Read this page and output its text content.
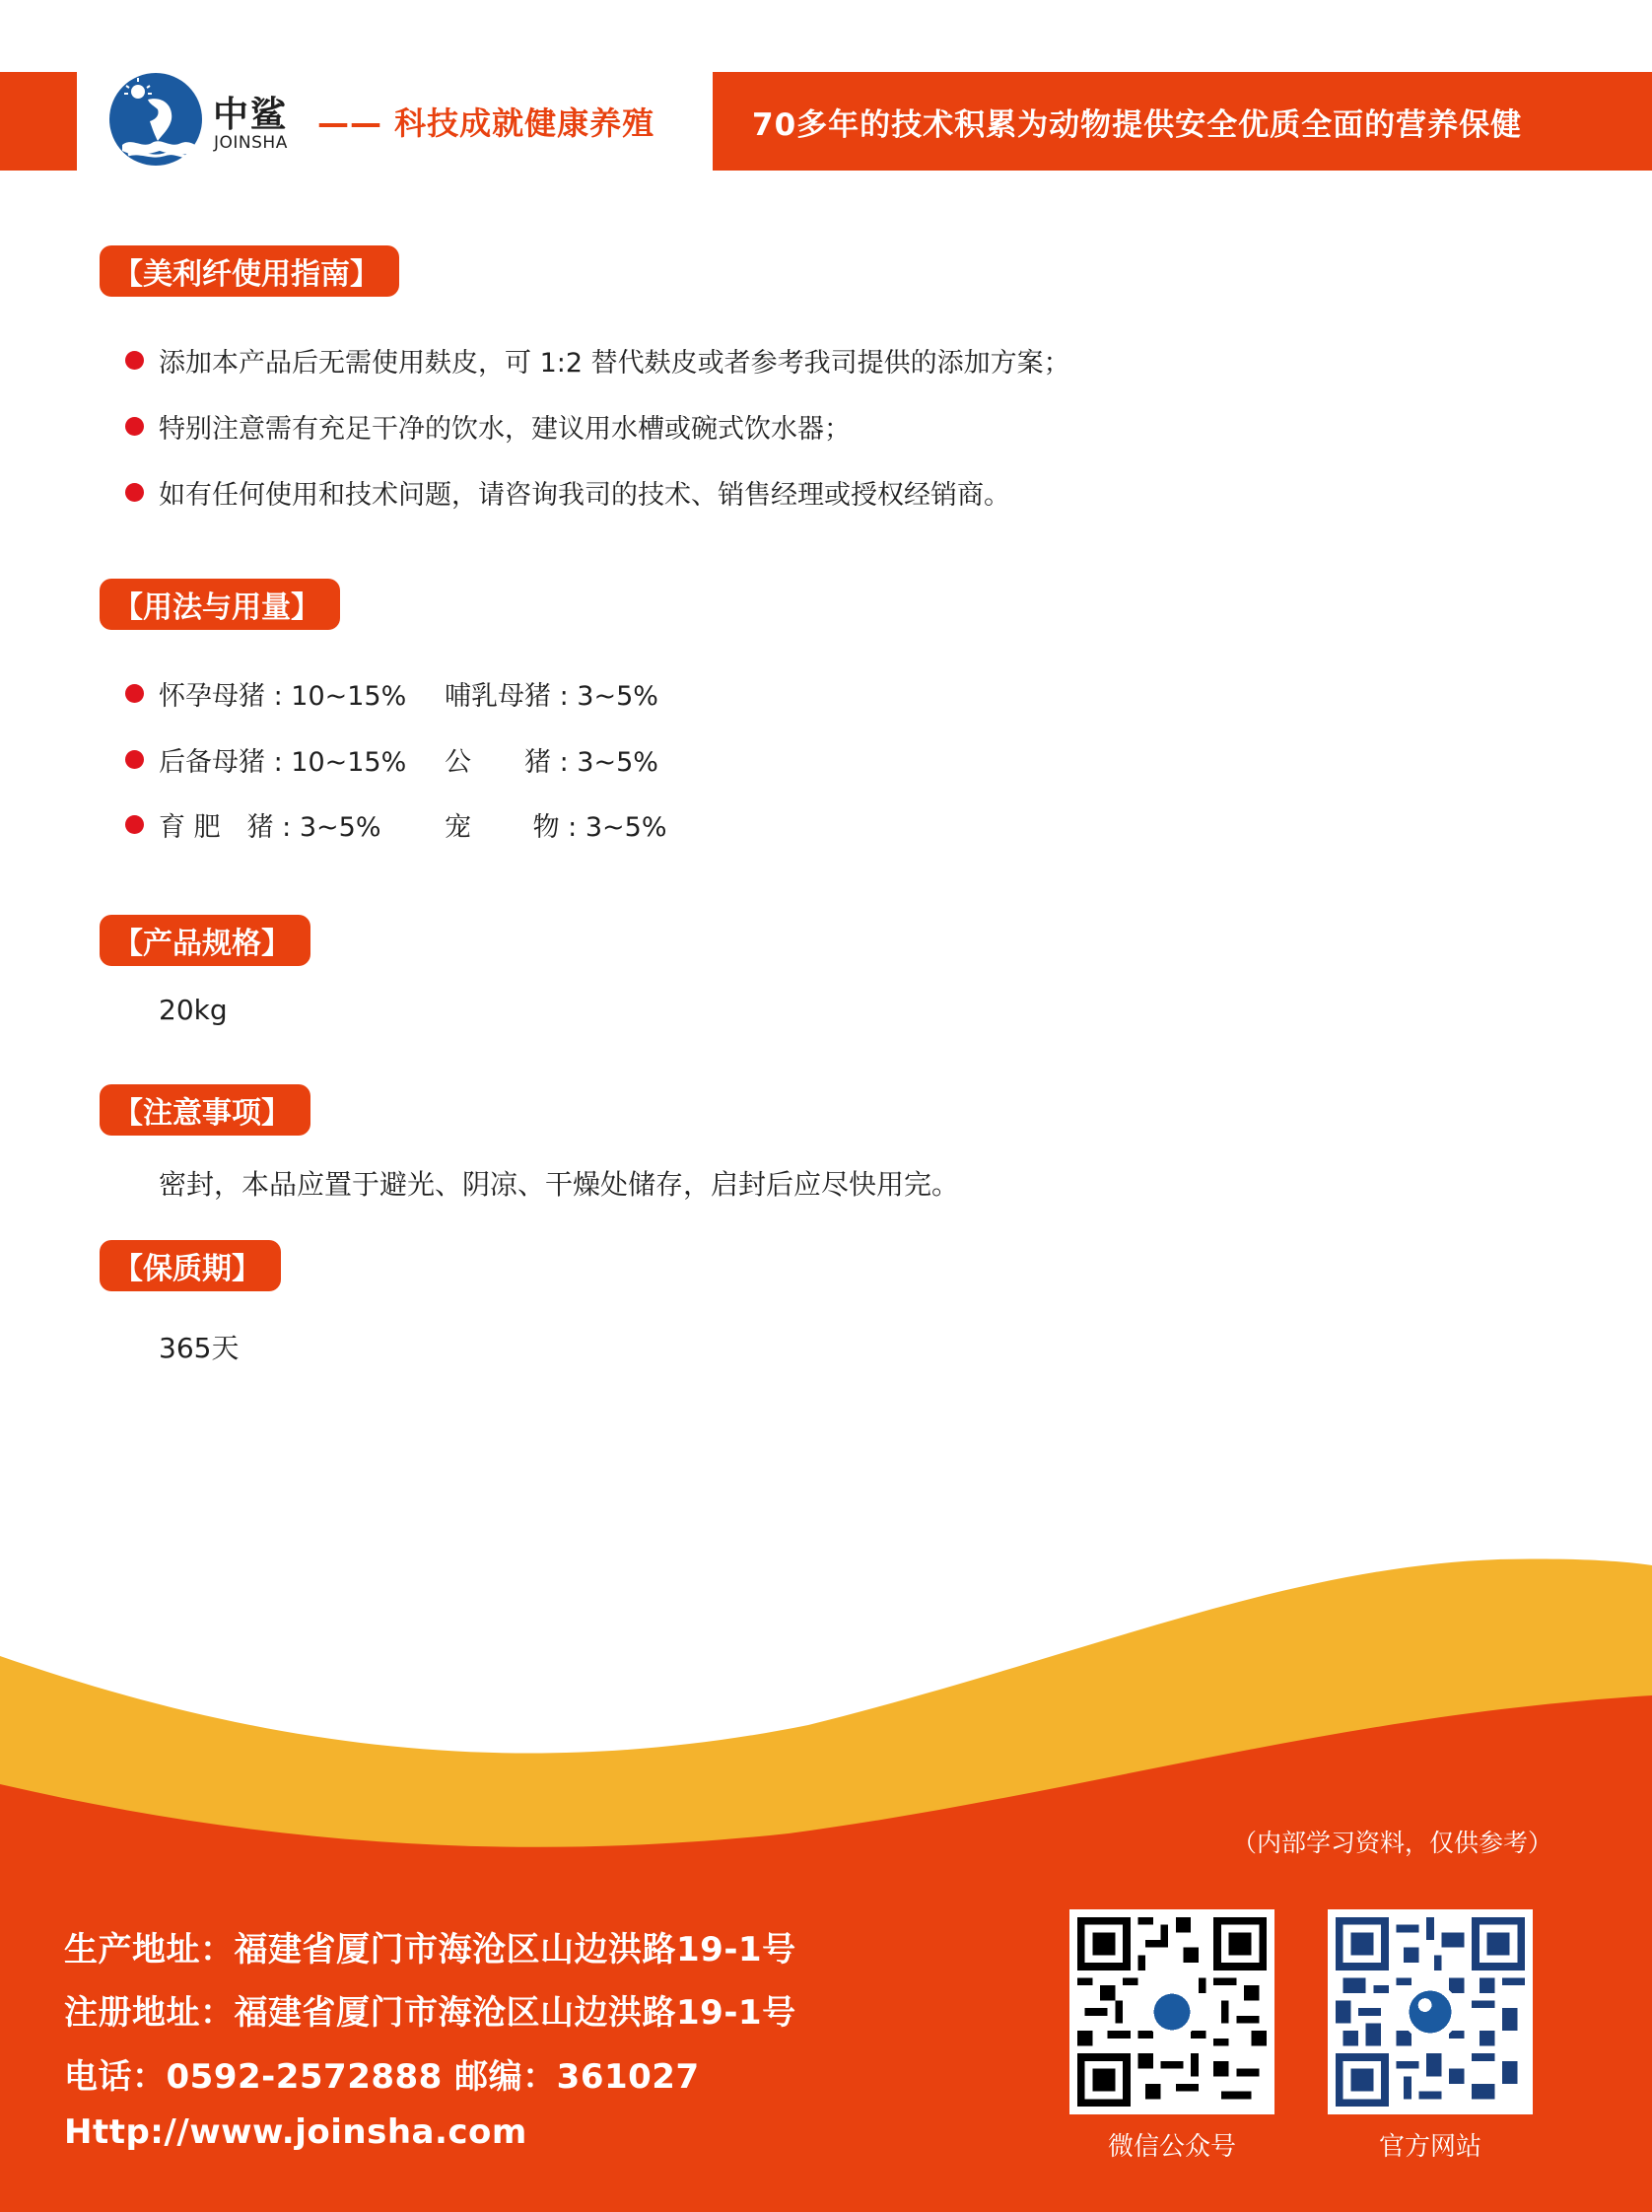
中鲨
JOINSHA
—— 科技成就健康养殖	70多年的技术积累为动物提供安全优质全面的营养保健
【美利纤使用指南】
添加本产品后无需使用麸皮，可 1:2 替代麸皮或者参考我司提供的添加方案；
特别注意需有充足干净的饮水，建议用水槽或碗式饮水器；
如有任何使用和技术问题，请咨询我司的技术、销售经理或授权经销商。
【用法与用量】
怀孕母猪 : 10~15%	哺乳母猪 : 3~5%
后备母猪 : 10~15%	公　　猪 : 3~5%
育 肥　猪 : 3~5%	宠　　 物 : 3~5%
【产品规格】
20kg
【注意事项】
密封，本品应置于避光、阴凉、干燥处储存，启封后应尽快用完。
【保质期】
365天
（内部学习资料，仅供参考）
生产地址：福建省厦门市海沧区山边洪路19-1号
注册地址：福建省厦门市海沧区山边洪路19-1号
电话：0592-2572888 邮编：361027
Http://www.joinsha.com	微信公众号	官方网站
